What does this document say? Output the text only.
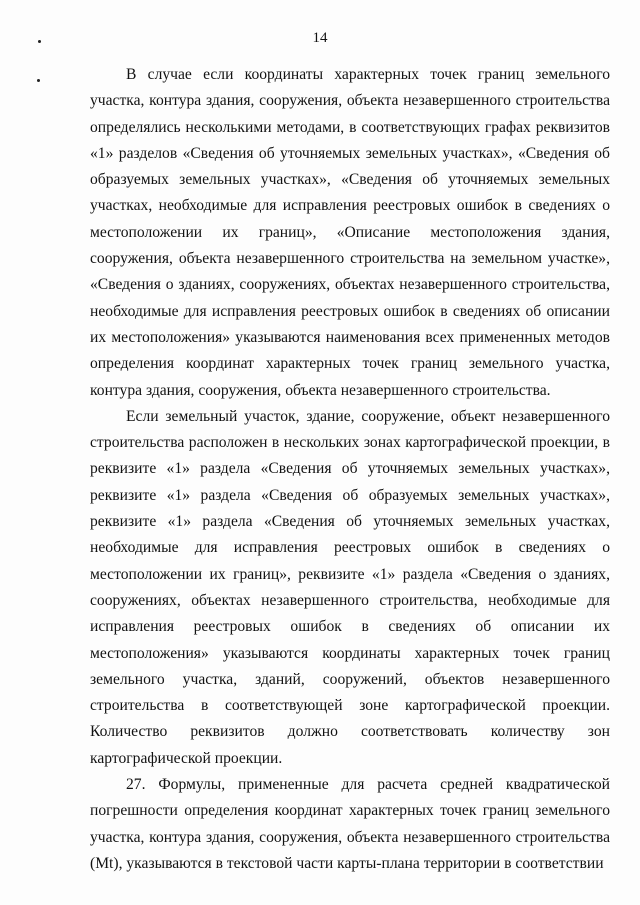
14

В случае если координаты характерных точек границ земельного участка, контура здания, сооружения, объекта незавершенного строительства определялись несколькими методами, в соответствующих графах реквизитов «1» разделов «Сведения об уточняемых земельных участках», «Сведения об образуемых земельных участках», «Сведения об уточняемых земельных участках, необходимые для исправления реестровых ошибок в сведениях о местоположении их границ», «Описание местоположения здания, сооружения, объекта незавершенного строительства на земельном участке», «Сведения о зданиях, сооружениях, объектах незавершенного строительства, необходимые для исправления реестровых ошибок в сведениях об описании их местоположения» указываются наименования всех примененных методов определения координат характерных точек границ земельного участка, контура здания, сооружения, объекта незавершенного строительства.

Если земельный участок, здание, сооружение, объект незавершенного строительства расположен в нескольких зонах картографической проекции, в реквизите «1» раздела «Сведения об уточняемых земельных участках», реквизите «1» раздела «Сведения об образуемых земельных участках», реквизите «1» раздела «Сведения об уточняемых земельных участках, необходимые для исправления реестровых ошибок в сведениях о местоположении их границ», реквизите «1» раздела «Сведения о зданиях, сооружениях, объектах незавершенного строительства, необходимые для исправления реестровых ошибок в сведениях об описании их местоположения» указываются координаты характерных точек границ земельного участка, зданий, сооружений, объектов незавершенного строительства в соответствующей зоне картографической проекции. Количество реквизитов должно соответствовать количеству зон картографической проекции.

27. Формулы, примененные для расчета средней квадратической погрешности определения координат характерных точек границ земельного участка, контура здания, сооружения, объекта незавершенного строительства (Mt), указываются в текстовой части карты-плана территории в соответствии
